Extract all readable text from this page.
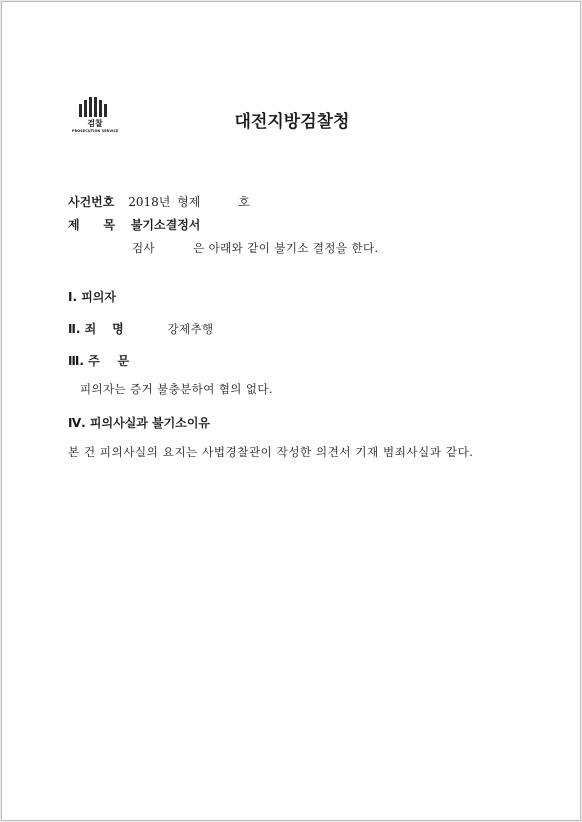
검찰
PROSECUTION SERVICE	대전지방검찰청
사건번호 2018년 형제	호
제 목 불기소결정서
검사	은 아래와 같이 불기소 결정을 한다.
Ⅰ. 피의자
Ⅱ. 죄 명	강제추행
Ⅲ. 주 문
피의자는 증거 불충분하여 혐의 없다.
Ⅳ. 피의사실과 불기소이유
본 건 피의사실의 요지는 사법경찰관이 작성한 의견서 기재 범죄사실과 같다.
